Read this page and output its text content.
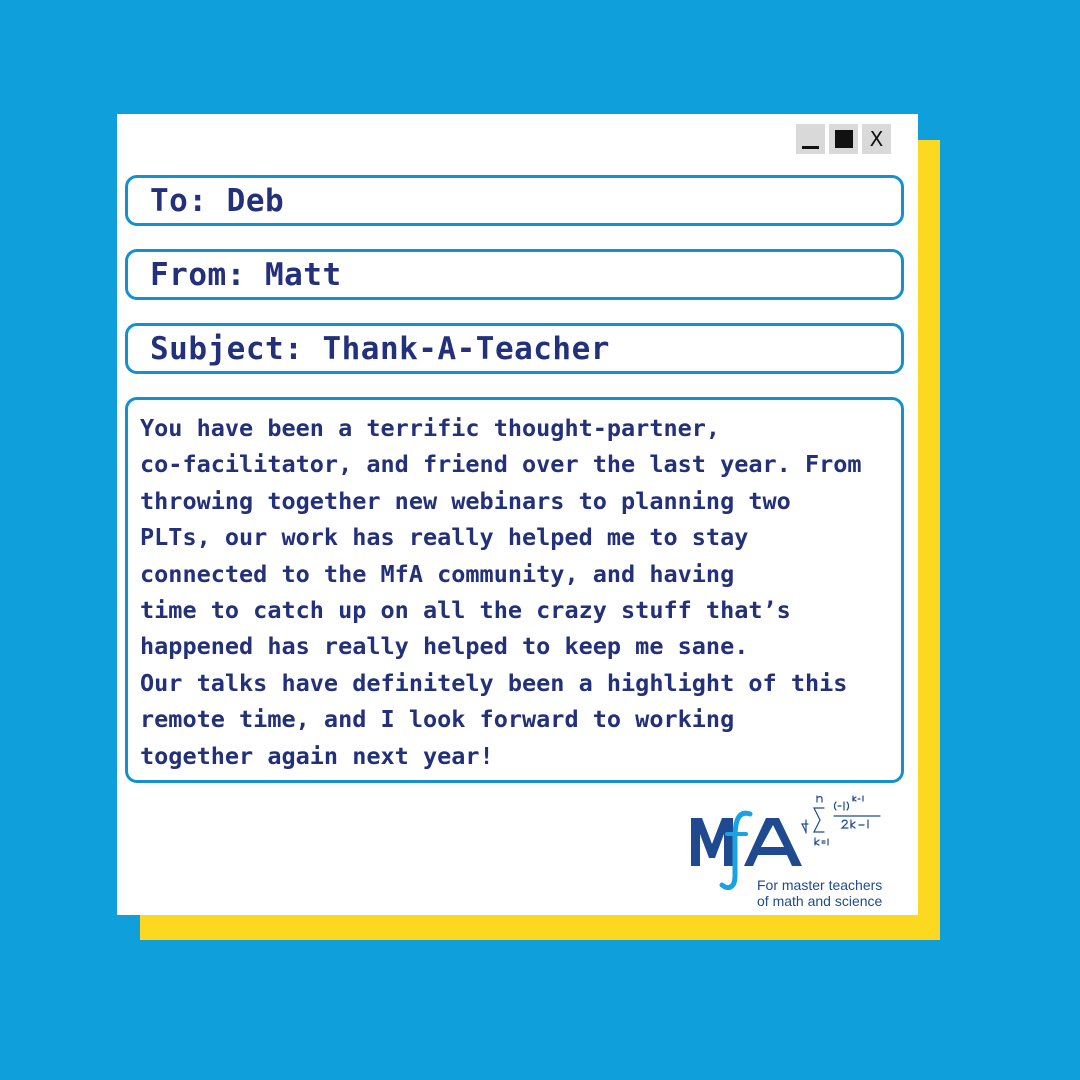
X
To: Deb
From: Matt
Subject: Thank-A-Teacher
You have been a terrific thought-partner,
co-facilitator, and friend over the last year. From
throwing together new webinars to planning two
PLTs, our work has really helped me to stay
connected to the MfA community, and having
time to catch up on all the crazy stuff that’s
happened has really helped to keep me sane.
Our talks have definitely been a highlight of this
remote time, and I look forward to working
together again next year!
For master teachers
of math and science
